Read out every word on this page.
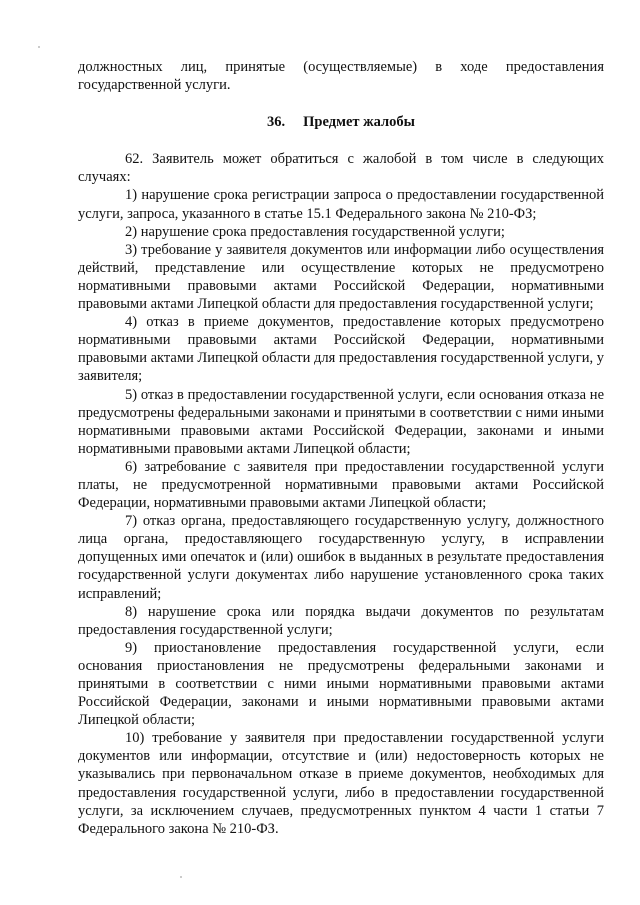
должностных лиц, принятые (осуществляемые) в ходе предоставления государственной услуги.

36. Предмет жалобы

62. Заявитель может обратиться с жалобой в том числе в следующих случаях:

1) нарушение срока регистрации запроса о предоставлении государственной услуги, запроса, указанного в статье 15.1 Федерального закона № 210-ФЗ;

2) нарушение срока предоставления государственной услуги;

3) требование у заявителя документов или информации либо осуществления действий, представление или осуществление которых не предусмотрено нормативными правовыми актами Российской Федерации, нормативными правовыми актами Липецкой области для предоставления государственной услуги;

4) отказ в приеме документов, предоставление которых предусмотрено нормативными правовыми актами Российской Федерации, нормативными правовыми актами Липецкой области для предоставления государственной услуги, у заявителя;

5) отказ в предоставлении государственной услуги, если основания отказа не предусмотрены федеральными законами и принятыми в соответствии с ними иными нормативными правовыми актами Российской Федерации, законами и иными нормативными правовыми актами Липецкой области;

6) затребование с заявителя при предоставлении государственной услуги платы, не предусмотренной нормативными правовыми актами Российской Федерации, нормативными правовыми актами Липецкой области;

7) отказ органа, предоставляющего государственную услугу, должностного лица органа, предоставляющего государственную услугу, в исправлении допущенных ими опечаток и (или) ошибок в выданных в результате предоставления государственной услуги документах либо нарушение установленного срока таких исправлений;

8) нарушение срока или порядка выдачи документов по результатам предоставления государственной услуги;

9) приостановление предоставления государственной услуги, если основания приостановления не предусмотрены федеральными законами и принятыми в соответствии с ними иными нормативными правовыми актами Российской Федерации, законами и иными нормативными правовыми актами Липецкой области;

10) требование у заявителя при предоставлении государственной услуги документов или информации, отсутствие и (или) недостоверность которых не указывались при первоначальном отказе в приеме документов, необходимых для предоставления государственной услуги, либо в предоставлении государственной услуги, за исключением случаев, предусмотренных пунктом 4 части 1 статьи 7 Федерального закона № 210-ФЗ.
